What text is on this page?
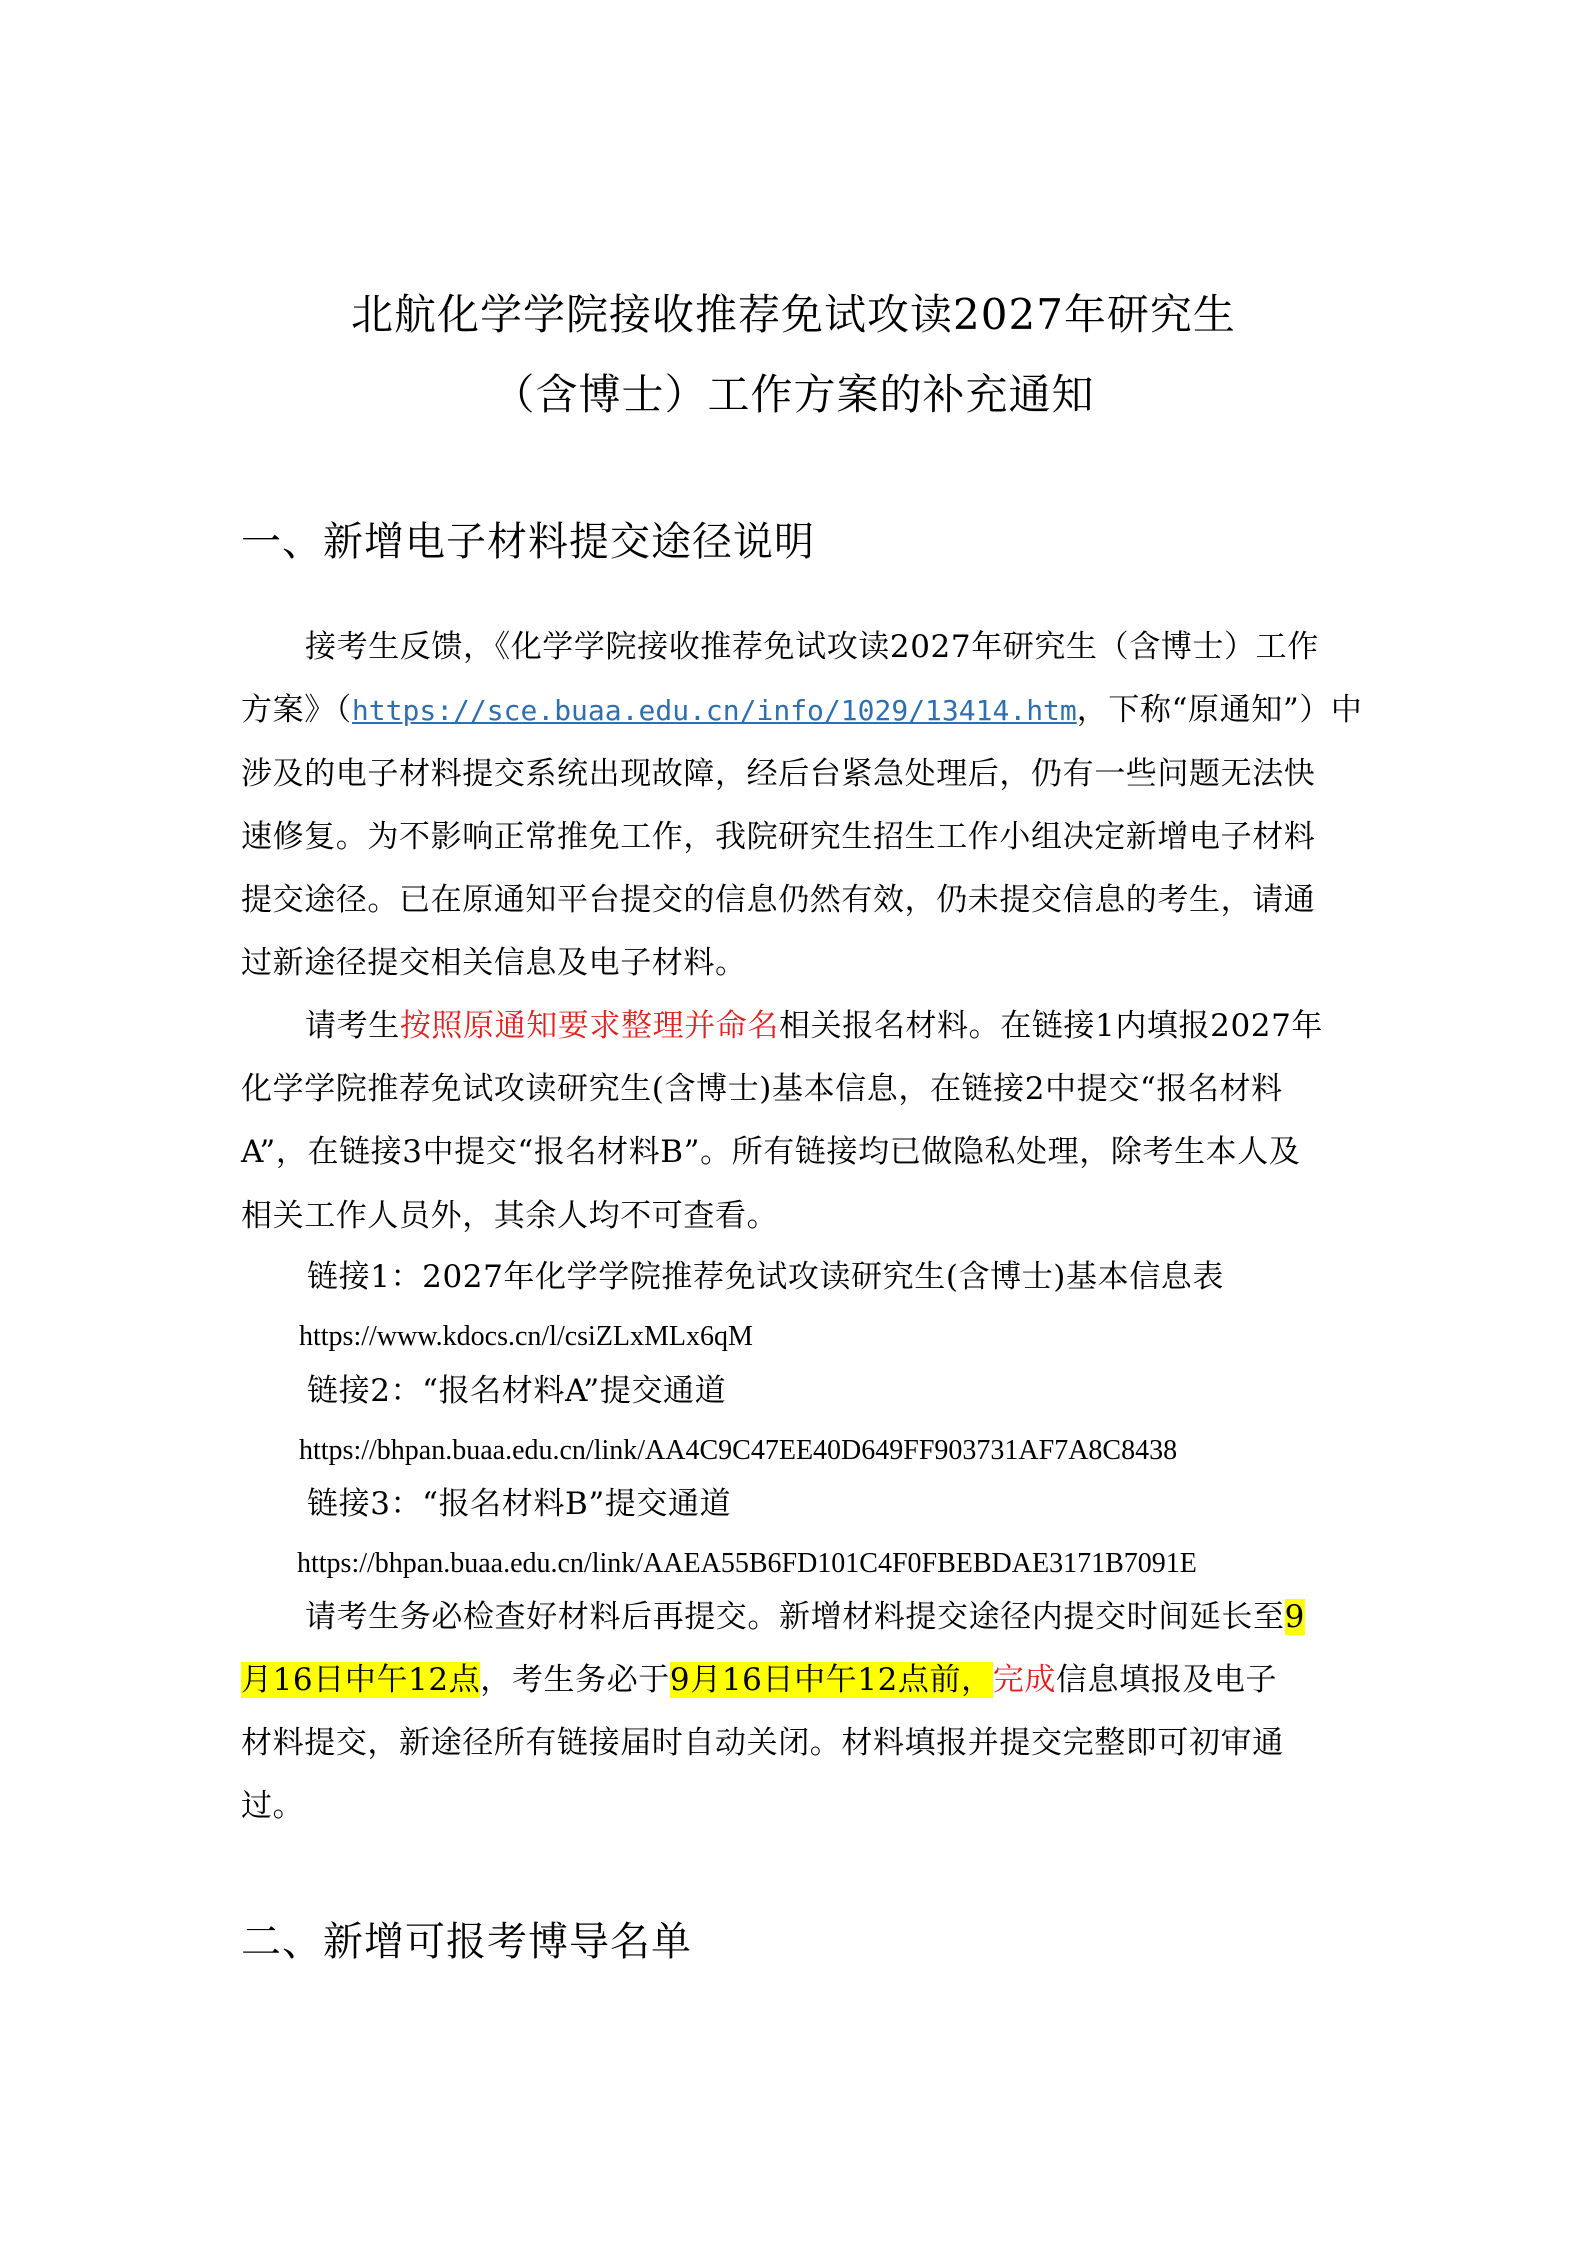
北航化学学院接收推荐免试攻读2027年研究生
（含博士）工作方案的补充通知
一、新增电子材料提交途径说明
接考生反馈，《化学学院接收推荐免试攻读2027年研究生（含博士）工作
方案》（https://sce.buaa.edu.cn/info/1029/13414.htm，下称“原通知”）中
涉及的电子材料提交系统出现故障，经后台紧急处理后，仍有一些问题无法快
速修复。为不影响正常推免工作，我院研究生招生工作小组决定新增电子材料
提交途径。已在原通知平台提交的信息仍然有效，仍未提交信息的考生，请通
过新途径提交相关信息及电子材料。
请考生按照原通知要求整理并命名相关报名材料。在链接1内填报2027年
化学学院推荐免试攻读研究生(含博士)基本信息，在链接2中提交“报名材料
A”，在链接3中提交“报名材料B”。所有链接均已做隐私处理，除考生本人及
相关工作人员外，其余人均不可查看。
链接1：2027年化学学院推荐免试攻读研究生(含博士)基本信息表
https://www.kdocs.cn/l/csiZLxMLx6qM
链接2：“报名材料A”提交通道
https://bhpan.buaa.edu.cn/link/AA4C9C47EE40D649FF903731AF7A8C8438
链接3：“报名材料B”提交通道
https://bhpan.buaa.edu.cn/link/AAEA55B6FD101C4F0FBEBDAE3171B7091E
请考生务必检查好材料后再提交。新增材料提交途径内提交时间延长至9
月16日中午12点，考生务必于9月16日中午12点前，完成信息填报及电子
材料提交，新途径所有链接届时自动关闭。材料填报并提交完整即可初审通
过。
二、新增可报考博导名单
